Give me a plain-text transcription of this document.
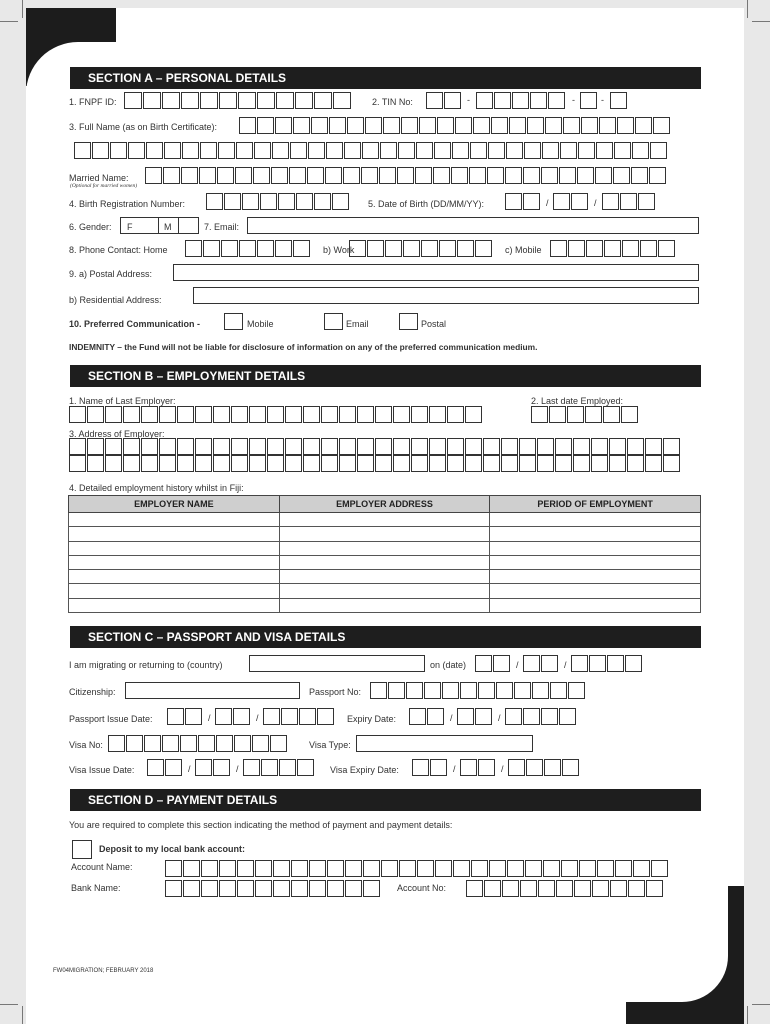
SECTION A – PERSONAL DETAILS
1. FNPF ID:	2. TIN No:	-	-	-
3. Full Name (as on Birth Certificate):
Married Name:
(Optional for married women)
4. Birth Registration Number:	5. Date of Birth (DD/MM/YY):	/	/
6. Gender: F	M	7. Email:
8. Phone Contact: Home	b) Work	c) Mobile
9. a) Postal Address:
b) Residential Address:
10. Preferred Communication -	Mobile	Email	Postal
INDEMNITY – the Fund will not be liable for disclosure of information on any of the preferred communication medium.
SECTION B – EMPLOYMENT DETAILS
1. Name of Last Employer:	2. Last date Employed:
3. Address of Employer:
4. Detailed employment history whilst in Fiji:
EMPLOYER NAME	EMPLOYER ADDRESS	PERIOD OF EMPLOYMENT

SECTION C – PASSPORT AND VISA DETAILS
I am migrating or returning to (country)	on (date)	/	/
Citizenship:	Passport No:
Passport Issue Date:	/	/	Expiry Date:	/	/
Visa No:	Visa Type:
Visa Issue Date:	/	/	Visa Expiry Date:	/	/
SECTION D – PAYMENT DETAILS
You are required to complete this section indicating the method of payment and payment details:
Deposit to my local bank account:
Account Name:
Bank Name:	Account No:
FW04MIGRATION; FEBRUARY 2018
2
